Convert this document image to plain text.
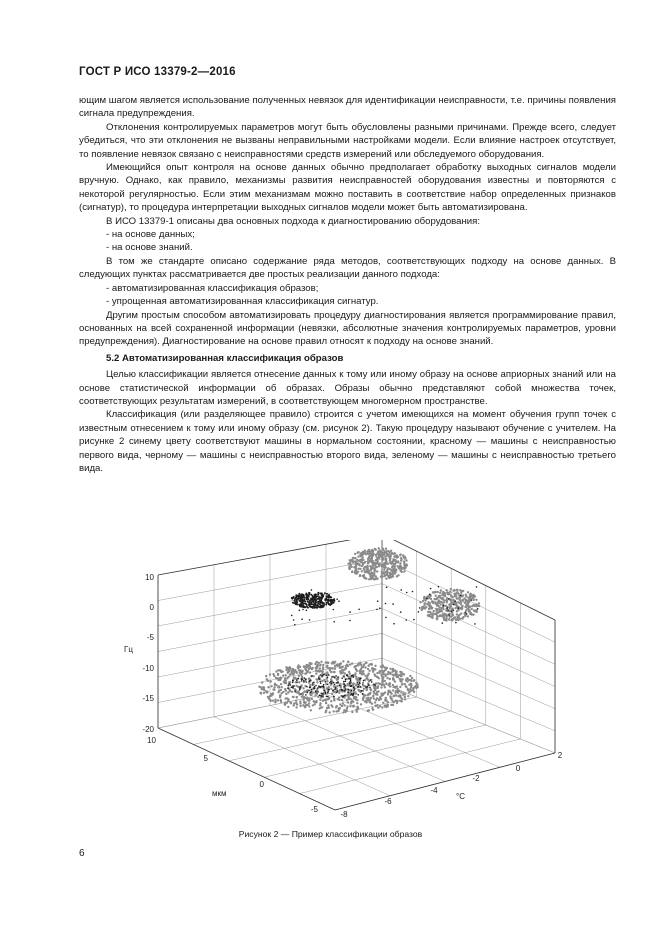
ГОСТ Р ИСО 13379-2—2016

ющим шагом является использование полученных невязок для идентификации неисправности, т.е. причины появления сигнала предупреждения.

Отклонения контролируемых параметров могут быть обусловлены разными причинами. Прежде всего, следует убедиться, что эти отклонения не вызваны неправильными настройками модели. Если влияние настроек отсутствует, то появление невязок связано с неисправностями средств измерений или обследуемого оборудования.

Имеющийся опыт контроля на основе данных обычно предполагает обработку выходных сигналов модели вручную. Однако, как правило, механизмы развития неисправностей оборудования известны и повторяются с некоторой регулярностью. Если этим механизмам можно поставить в соответствие набор определенных признаков (сигнатур), то процедура интерпретации выходных сигналов модели может быть автоматизирована.

В ИСО 13379-1 описаны два основных подхода к диагностированию оборудования:

- на основе данных;

- на основе знаний.

В том же стандарте описано содержание ряда методов, соответствующих подходу на основе данных. В следующих пунктах рассматривается две простых реализации данного подхода:

- автоматизированная классификация образов;

- упрощенная автоматизированная классификация сигнатур.

Другим простым способом автоматизировать процедуру диагностирования является программирование правил, основанных на всей сохраненной информации (невязки, абсолютные значения контролируемых параметров, уровни предупреждения). Диагностирование на основе правил относят к подходу на основе знаний.

5.2 Автоматизированная классификация образов

Целью классификации является отнесение данных к тому или иному образу на основе априорных знаний или на основе статистической информации об образах. Образы обычно представляют собой множества точек, соответствующих результатам измерений, в соответствующем многомерном пространстве.

Классификация (или разделяющее правило) строится с учетом имеющихся на момент обучения групп точек с известным отнесением к тому или иному образу (см. рисунок 2). Такую процедуру называют обучение с учителем. На рисунке 2 синему цвету соответствуют машины в нормальном состоянии, красному — машины с неисправностью первого вида, черному — машины с неисправностью второго вида, зеленому — машины с неисправностью третьего вида.

10
0
-5
-10
-15
-20
10
5
0
-5
2
0
-2
-4
-6
-8
Гц
мкм	°С
Рисунок 2 — Пример классификации образов
6
